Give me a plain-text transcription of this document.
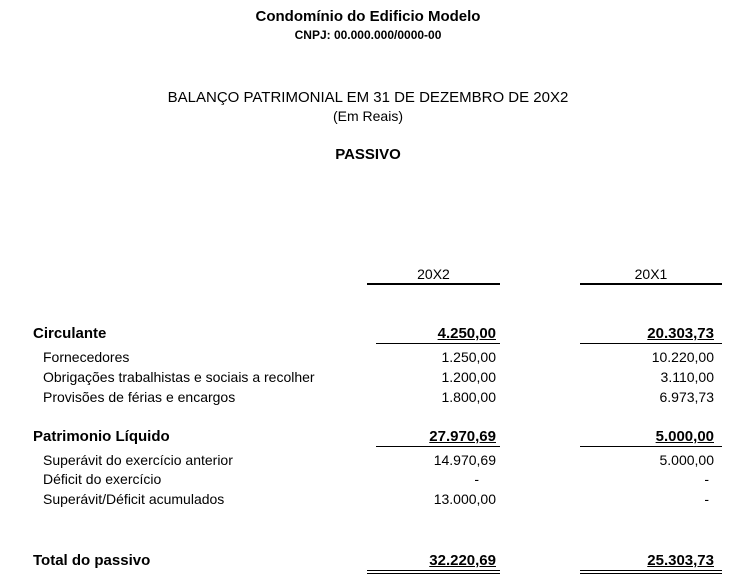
Condomínio do Edificio Modelo
CNPJ: 00.000.000/0000-00
BALANÇO PATRIMONIAL EM 31 DE DEZEMBRO DE 20X2
(Em Reais)
PASSIVO
20X2	20X1
Circulante	4.250,00	20.303,73
Fornecedores	1.250,00	10.220,00
Obrigações trabalhistas e sociais a recolher	1.200,00	3.110,00
Provisões de férias e encargos	1.800,00	6.973,73
Patrimonio Líquido	27.970,69	5.000,00
Superávit do exercício anterior	14.970,69	5.000,00
Déficit do exercício	-	-
Superávit/Déficit acumulados	13.000,00	-
Total do passivo	32.220,69	25.303,73
